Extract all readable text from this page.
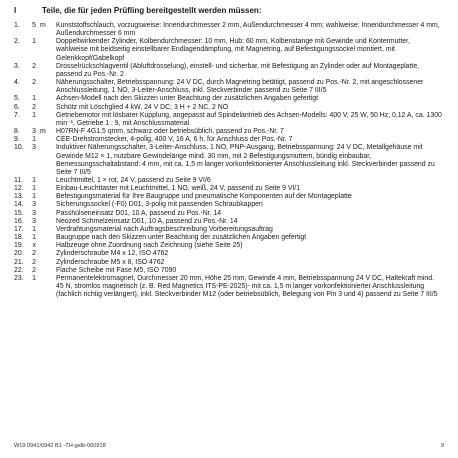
I	Teile, die für jeden Prüfling bereitgestellt werden müssen:
1.	5 m Kunststoffschlauch, vorzugsweise: Innendurchmesser 2 mm, Außendurchmesser 4 mm; wahlweise: Innendurchmesser 4 mm, Außendurchmesser 6 mm
2.	1	Doppeltwirkender Zylinder, Kolbendurchmesser: 10 mm, Hub: 60 mm, Kolbenstange mit Gewinde und Kontermutter, wahlweise mit beidseitig einstellbarer Endlagendämpfung, mit Magnetring, auf Befestigungssockel montiert, mit Gelenkkopf/Gabelkopf
3.	2	Drosselrückschlagventil (Abluftdrosselung), einstell- und sicherbar, mit Befestigung an Zylinder oder auf Montageplatte, passend zu Pos.-Nr. 2
4.	2	Näherungsschalter, Betriebsspannung: 24 V DC, durch Magnetring betätigt, passend zu Pos.-Nr. 2, mit angeschlossener Anschlussleitung, 1 NO, 3-Leiter-Anschluss, inkl. Steckverbinder passend zu Seite 7 III/5
5.	1	Achsen-Modell nach den Skizzen unter Beachtung der zusätzlichen Angaben gefertigt
6.	2	Schütz mit Löschglied 4 kW, 24 V DC; 3 H + 2 NC, 2 NO
7.	1	Getriebemotor mit lösbarer Kupplung, angepasst auf Spindelantrieb des Achsen-Modells: 400 V, 25 W, 50 Hz, 0,12 A, ca. 1300 min⁻¹, Getriebe 1 : 9, mit Anschlussmaterial
8.	3 m H07RN-F 4G1,5 qmm, schwarz oder betriebsüblich, passend zu Pos.-Nr. 7
9.	1	CEE-Drehstromstecker, 4-polig, 400 V, 16 A, 6 h, für Anschluss der Pos.-Nr. 7
10.	3	Induktiver Näherungsschalter, 3-Leiter-Anschluss, 1 NO, PNP-Ausgang, Betriebsspannung: 24 V DC, Metallgehäuse mit Gewinde M12 × 1, nutzbare Gewindelänge mind. 30 mm, mit 2 Befestigungsmuttern, bündig einbaubar, Bemessungsschaltabstand: 4 mm, mit ca. 1,5 m langer vorkonfektionierter Anschlussleitung inkl. Steckverbinder passend zu Seite 7 III/5
11.	1	Leuchtmittel, 1 × rot, 24 V, passend zu Seite 9 VI/6
12.	1	Einbau-Leuchttaster mit Leuchtmittel, 1 NO, weiß, 24 V, passend zu Seite 9 VI/1
13.	1	Befestigungsmaterial für Ihre Baugruppe und pneumatische Komponenten auf der Montageplatte
14.	3	Sicherungssockel (-F0) D01, 3-polig mit passenden Schraubkappen
15.	3	Passhülseneinsatz D01, 10 A, passend zu Pos.-Nr. 14
16.	3	Neozed Schmelzeinsatz D01, 10 A, passend zu Pos.-Nr. 14
17.	1	Verdrahtungsmaterial nach Auftragsbeschreibung Vorbereitungsauftrag
18.	1	Baugruppe nach den Skizzen unter Beachtung der zusätzlichen Angaben gefertigt
19.	x	Halbzeuge ohne Zuordnung nach Zeichnung (siehe Seite 25)
20.	2	Zylinderschraube M4 x 12, ISO 4762
21.	2	Zylinderschraube M5 x 8, ISO 4762
22.	2	Flache Scheibe mit Fase M5, ISO 7090
23.	1	Permanentelektromagnet, Durchmesser 20 mm, Höhe 25 mm, Gewinde 4 mm, Betriebsspannung 24 V DC, Haltekraft mind. 45 N, stromlos magnetisch (z. B. Red Magnetics ITS-PE-2025)- mit ca. 1,5 m langer vorkonfektionierter Anschlussleitung (fachlich richtig verlängert), inkl. Steckverbinder M12 (oder betriebsüblich, Belegung von Pin 3 und 4) passend zu Seite 7 III/5
W19 0941/0942 B1 -TH-gelb-060918	9
